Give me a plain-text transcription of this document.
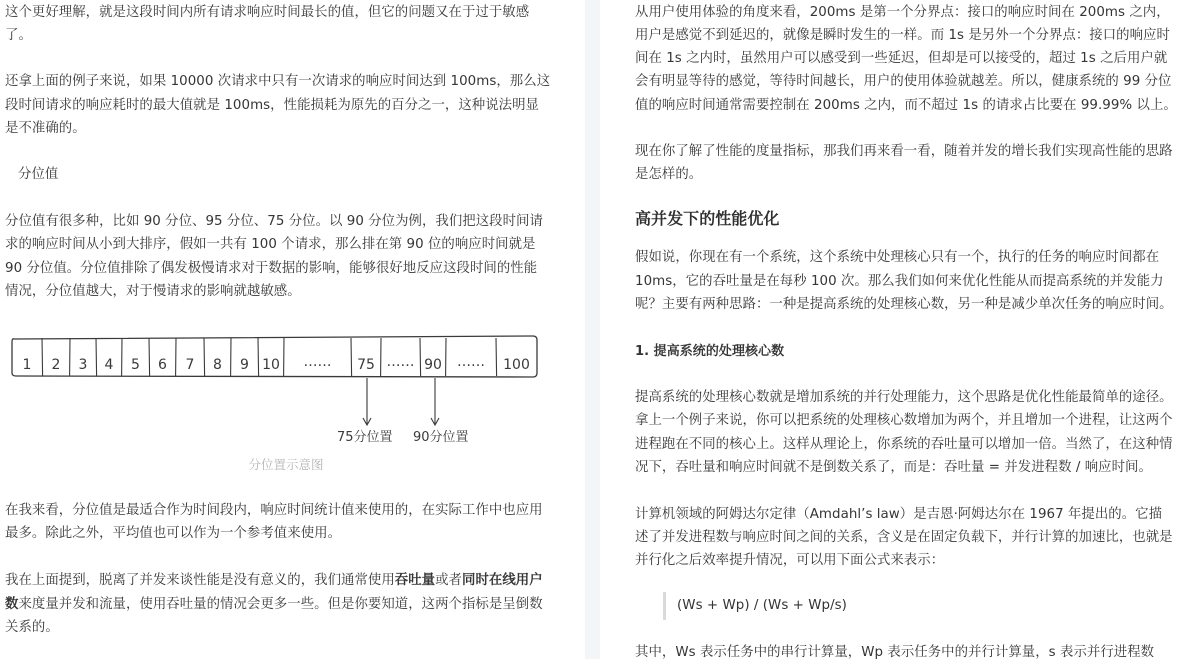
这个更好理解，就是这段时间内所有请求响应时间最长的值，但它的问题又在于过于敏感
了。
还拿上面的例子来说，如果 10000 次请求中只有一次请求的响应时间达到 100ms，那么这
段时间请求的响应耗时的最大值就是 100ms，性能损耗为原先的百分之一，这种说法明显
是不准确的。
分位值
分位值有很多种，比如 90 分位、95 分位、75 分位。以 90 分位为例，我们把这段时间请
求的响应时间从小到大排序，假如一共有 100 个请求，那么排在第 90 位的响应时间就是
90 分位值。分位值排除了偶发极慢请求对于数据的影响，能够很好地反应这段时间的性能
情况，分位值越大，对于慢请求的影响就越敏感。
1 2 3 4 5 6 7 8 9 10 …… 75 …… 90 …… 100
75分位置 90分位置
分位置示意图
在我来看，分位值是最适合作为时间段内，响应时间统计值来使用的，在实际工作中也应用
最多。除此之外，平均值也可以作为一个参考值来使用。
我在上面提到，脱离了并发来谈性能是没有意义的，我们通常使用吞吐量或者同时在线用户
数来度量并发和流量，使用吞吐量的情况会更多一些。但是你要知道，这两个指标是呈倒数
关系的。
从用户使用体验的角度来看，200ms 是第一个分界点：接口的响应时间在 200ms 之内，
用户是感觉不到延迟的，就像是瞬时发生的一样。而 1s 是另外一个分界点：接口的响应时
间在 1s 之内时，虽然用户可以感受到一些延迟，但却是可以接受的，超过 1s 之后用户就
会有明显等待的感觉，等待时间越长，用户的使用体验就越差。所以，健康系统的 99 分位
值的响应时间通常需要控制在 200ms 之内，而不超过 1s 的请求占比要在 99.99% 以上。
现在你了解了性能的度量指标，那我们再来看一看，随着并发的增长我们实现高性能的思路
是怎样的。
高并发下的性能优化
假如说，你现在有一个系统，这个系统中处理核心只有一个，执行的任务的响应时间都在
10ms，它的吞吐量是在每秒 100 次。那么我们如何来优化性能从而提高系统的并发能力
呢？主要有两种思路：一种是提高系统的处理核心数，另一种是减少单次任务的响应时间。
1. 提高系统的处理核心数
提高系统的处理核心数就是增加系统的并行处理能力，这个思路是优化性能最简单的途径。
拿上一个例子来说，你可以把系统的处理核心数增加为两个，并且增加一个进程，让这两个
进程跑在不同的核心上。这样从理论上，你系统的吞吐量可以增加一倍。当然了，在这种情
况下，吞吐量和响应时间就不是倒数关系了，而是：吞吐量 = 并发进程数 / 响应时间。
计算机领域的阿姆达尔定律（Amdahl’s law）是吉恩·阿姆达尔在 1967 年提出的。它描
述了并发进程数与响应时间之间的关系，含义是在固定负载下，并行计算的加速比，也就是
并行化之后效率提升情况，可以用下面公式来表示：
(Ws + Wp) / (Ws + Wp/s)
其中，Ws 表示任务中的串行计算量，Wp 表示任务中的并行计算量，s 表示并行进程数
